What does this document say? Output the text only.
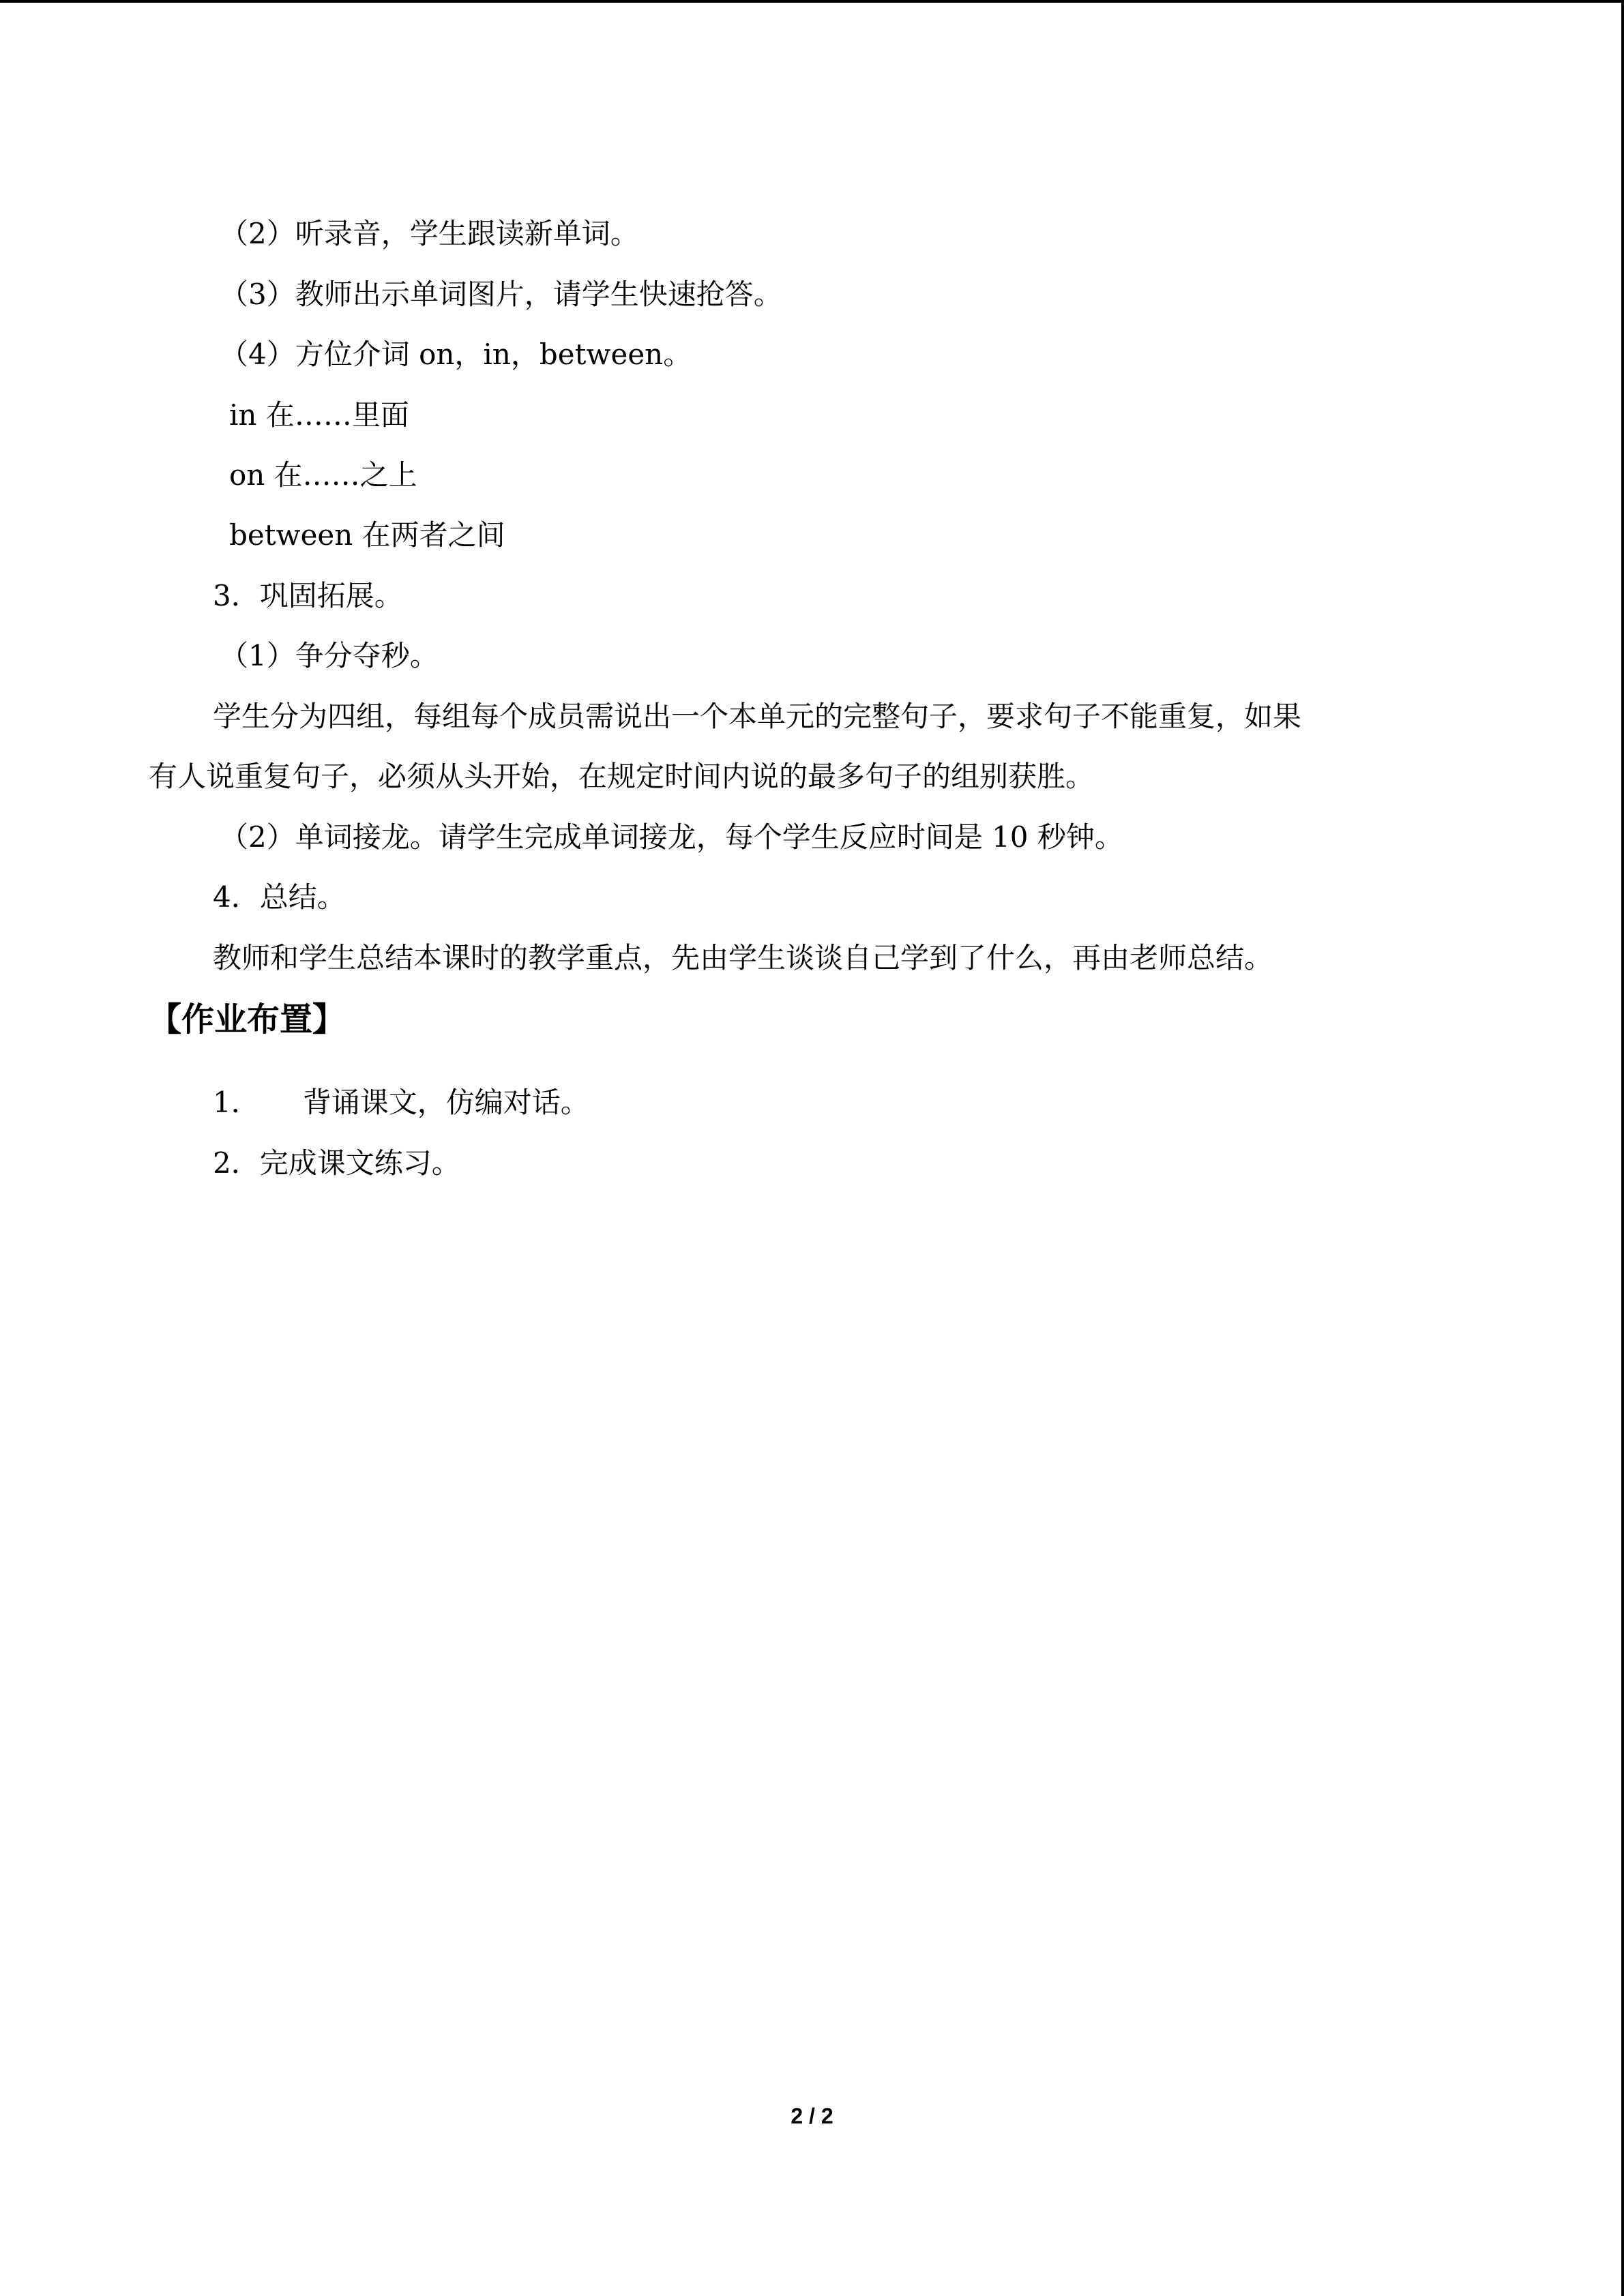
（2）听录音，学生跟读新单词。
（3）教师出示单词图片，请学生快速抢答。
（4）方位介词 on，in，between。
in 在……里面
on 在……之上
between 在两者之间
3．巩固拓展。
（1）争分夺秒。
学生分为四组，每组每个成员需说出一个本单元的完整句子，要求句子不能重复，如果
有人说重复句子，必须从头开始，在规定时间内说的最多句子的组别获胜。
（2）单词接龙。请学生完成单词接龙，每个学生反应时间是 10 秒钟。
4．总结。
教师和学生总结本课时的教学重点，先由学生谈谈自己学到了什么，再由老师总结。
【作业布置】
1．　　背诵课文，仿编对话。
2．完成课文练习。
2 / 2
